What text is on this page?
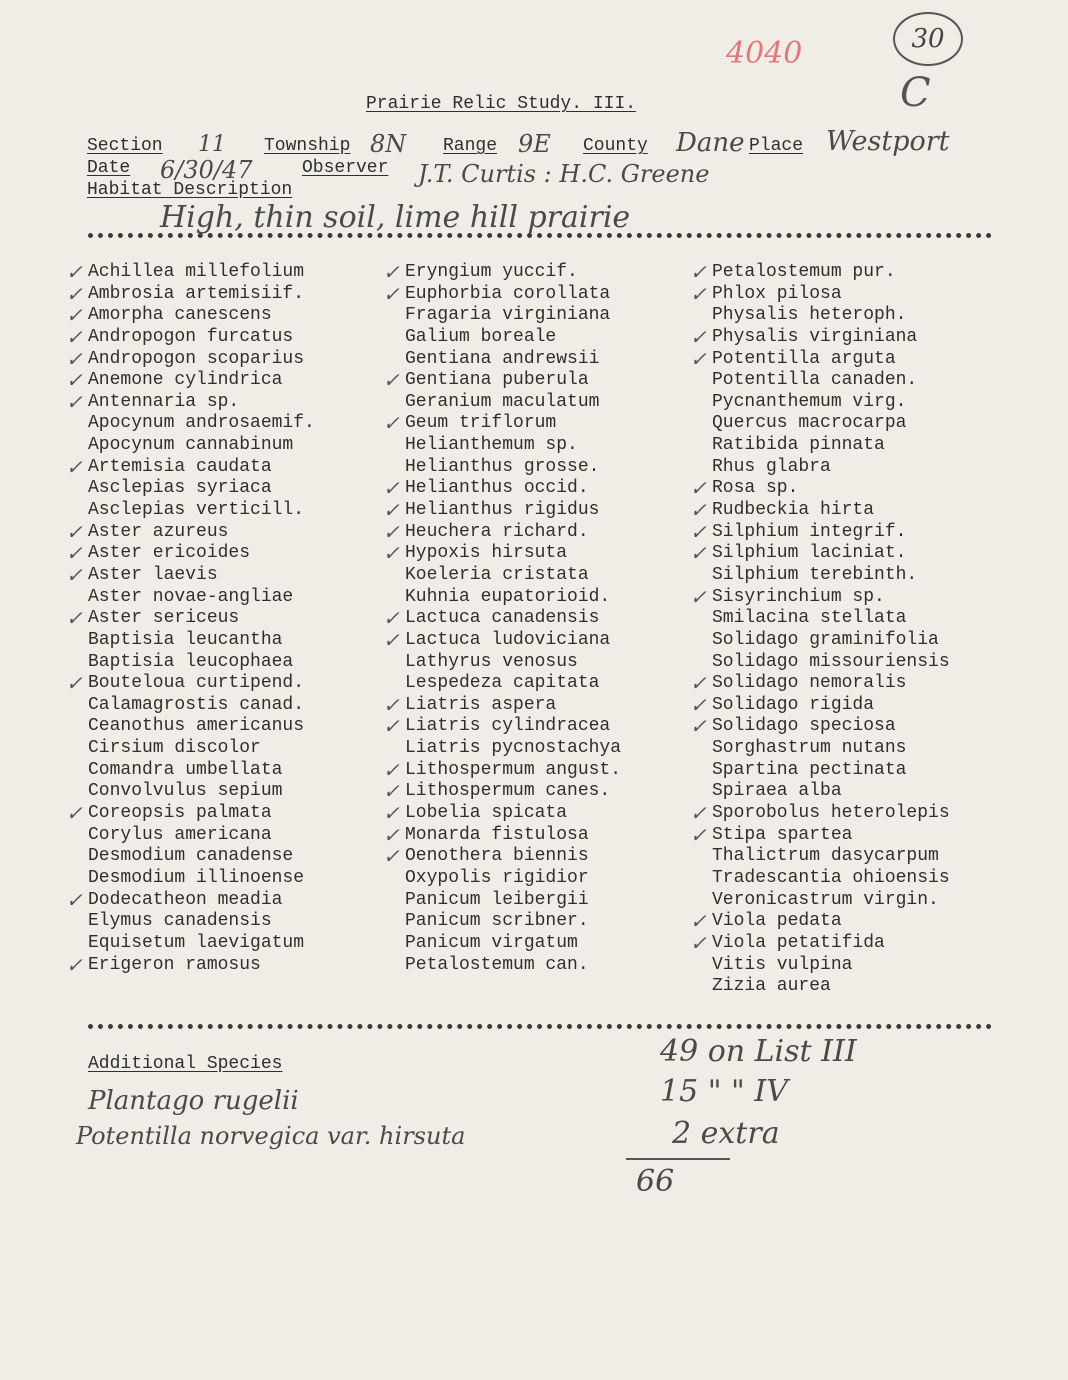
4040	30
C
Prairie Relic Study. III.
Section 11 Township 8N Range 9E County Dane Place Westport
Date 6/30/47	Observer J.T. Curtis : H.C. Greene
Habitat Description
High, thin soil, lime hill prairie
✓ Achillea millefolium
✓ Ambrosia artemisiif.
✓ Amorpha canescens
✓ Andropogon furcatus
✓ Andropogon scoparius
✓ Anemone cylindrica
✓ Antennaria sp.
Apocynum androsaemif.
Apocynum cannabinum
✓ Artemisia caudata
Asclepias syriaca
Asclepias verticill.
✓ Aster azureus
✓ Aster ericoides
✓ Aster laevis
Aster novae-angliae
✓ Aster sericeus
Baptisia leucantha
Baptisia leucophaea
✓ Bouteloua curtipend.
Calamagrostis canad.
Ceanothus americanus
Cirsium discolor
Comandra umbellata
Convolvulus sepium
✓ Coreopsis palmata
Corylus americana
Desmodium canadense
Desmodium illinoense
✓ Dodecatheon meadia
Elymus canadensis
Equisetum laevigatum
✓ Erigeron ramosus
✓ Eryngium yuccif.
✓ Euphorbia corollata
Fragaria virginiana
Galium boreale
Gentiana andrewsii
✓ Gentiana puberula
Geranium maculatum
✓ Geum triflorum
Helianthemum sp.
Helianthus grosse.
✓ Helianthus occid.
✓ Helianthus rigidus
✓ Heuchera richard.
✓ Hypoxis hirsuta
Koeleria cristata
Kuhnia eupatorioid.
✓ Lactuca canadensis
✓ Lactuca ludoviciana
Lathyrus venosus
Lespedeza capitata
✓ Liatris aspera
✓ Liatris cylindracea
Liatris pycnostachya
✓ Lithospermum angust.
✓ Lithospermum canes.
✓ Lobelia spicata
✓ Monarda fistulosa
✓ Oenothera biennis
Oxypolis rigidior
Panicum leibergii
Panicum scribner.
Panicum virgatum
Petalostemum can.
✓ Petalostemum pur.
✓ Phlox pilosa
Physalis heteroph.
✓ Physalis virginiana
✓ Potentilla arguta
Potentilla canaden.
Pycnanthemum virg.
Quercus macrocarpa
Ratibida pinnata
Rhus glabra
✓ Rosa sp.
✓ Rudbeckia hirta
✓ Silphium integrif.
✓ Silphium laciniat.
Silphium terebinth.
✓ Sisyrinchium sp.
Smilacina stellata
Solidago graminifolia
Solidago missouriensis
✓ Solidago nemoralis
✓ Solidago rigida
✓ Solidago speciosa
Sorghastrum nutans
Spartina pectinata
Spiraea alba
✓ Sporobolus heterolepis
✓ Stipa spartea
Thalictrum dasycarpum
Tradescantia ohioensis
Veronicastrum virgin.
✓ Viola pedata
✓ Viola petatifida
Vitis vulpina
Zizia aurea
Additional Species
Plantago rugelii
Potentilla norvegica var. hirsuta
49 on List III
15 " " IV
2 extra
66
